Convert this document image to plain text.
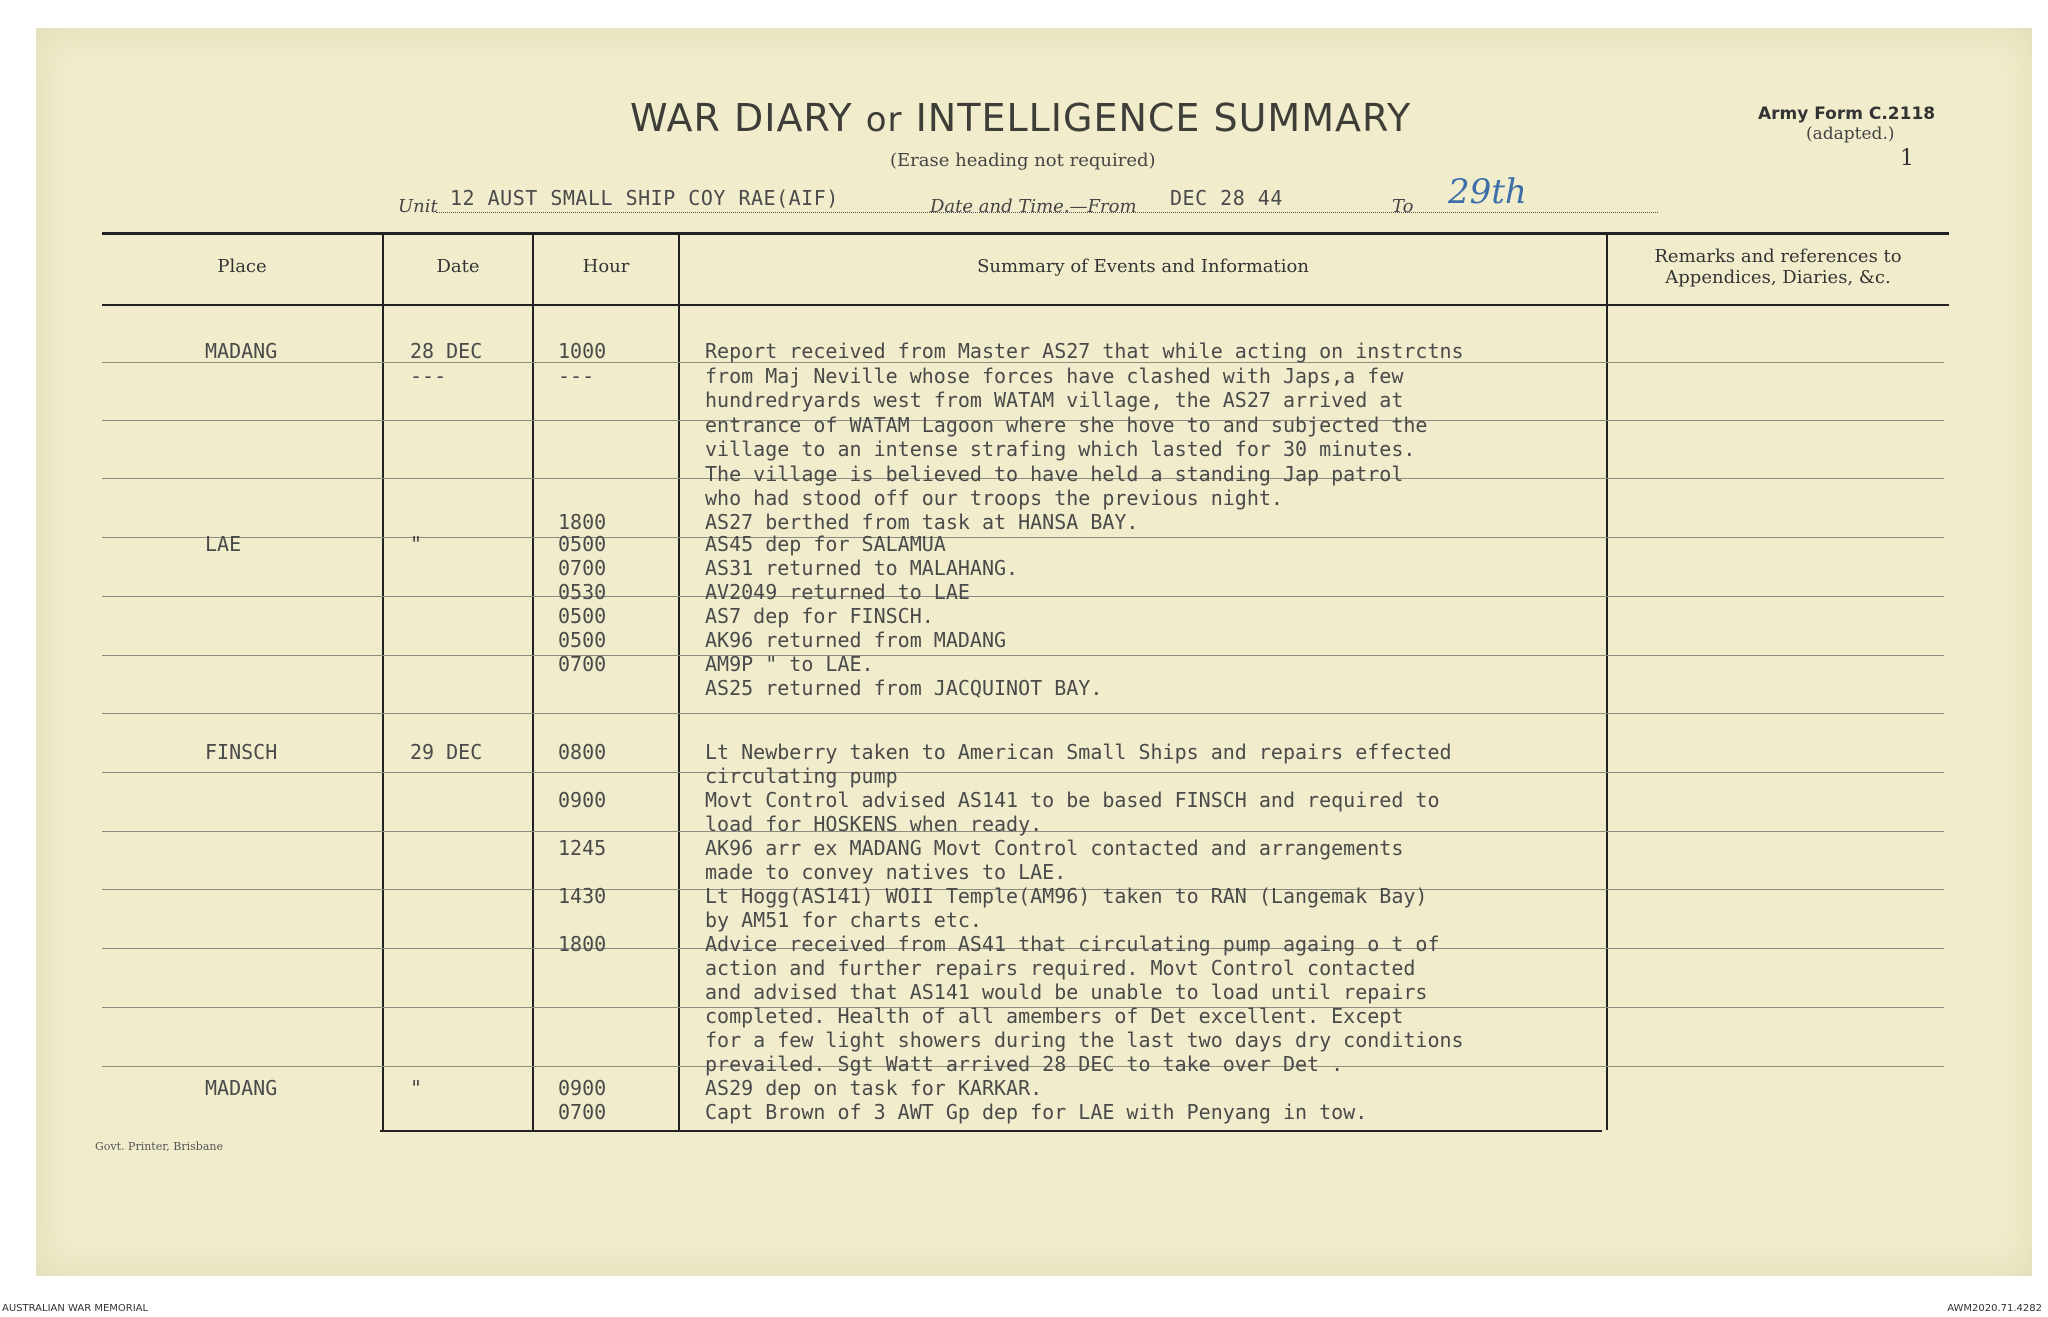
WAR DIARY or INTELLIGENCE SUMMARY
(Erase heading not required)
Army Form C.2118
(adapted.)
1
Unit 12 AUST SMALL SHIP COY RAE(AIF)	Date and Time.—From DEC 28 44	To 29th
Place	Date	Hour	Summary of Events and Information	Remarks and references to
Appendices, Diaries, &c.
MADANG	28 DEC	1000	Report received from Master AS27 that while acting on instrctns
---	---	from Maj Neville whose forces have clashed with Japs,a few
hundredryards west from WATAM village, the AS27 arrived at
entrance of WATAM Lagoon where she hove to and subjected the
village to an intense strafing which lasted for 30 minutes.
The village is believed to have held a standing Jap patrol
who had stood off our troops the previous night.
1800	AS27 berthed from task at HANSA BAY.
LAE	"	0500	AS45 dep for SALAMUA
0700	AS31 returned to MALAHANG.
0530	AV2049 returned to LAE
0500	AS7 dep for FINSCH.
0500	AK96 returned from MADANG
0700	AM9P " to LAE.
AS25 returned from JACQUINOT BAY.
FINSCH	29 DEC	0800	Lt Newberry taken to American Small Ships and repairs effected
circulating pump
0900	Movt Control advised AS141 to be based FINSCH and required to
load for HOSKENS when ready.
1245	AK96 arr ex MADANG Movt Control contacted and arrangements
made to convey natives to LAE.
1430	Lt Hogg(AS141) WOII Temple(AM96) taken to RAN (Langemak Bay)
by AM51 for charts etc.
1800	Advice received from AS41 that circulating pump againg o t of
action and further repairs required. Movt Control contacted
and advised that AS141 would be unable to load until repairs
completed. Health of all amembers of Det excellent. Except
for a few light showers during the last two days dry conditions
prevailed. Sgt Watt arrived 28 DEC to take over Det .
MADANG	"	0900	AS29 dep on task for KARKAR.
0700	Capt Brown of 3 AWT Gp dep for LAE with Penyang in tow.
Govt. Printer, Brisbane
AUSTRALIAN WAR MEMORIAL	AWM2020.71.4282
